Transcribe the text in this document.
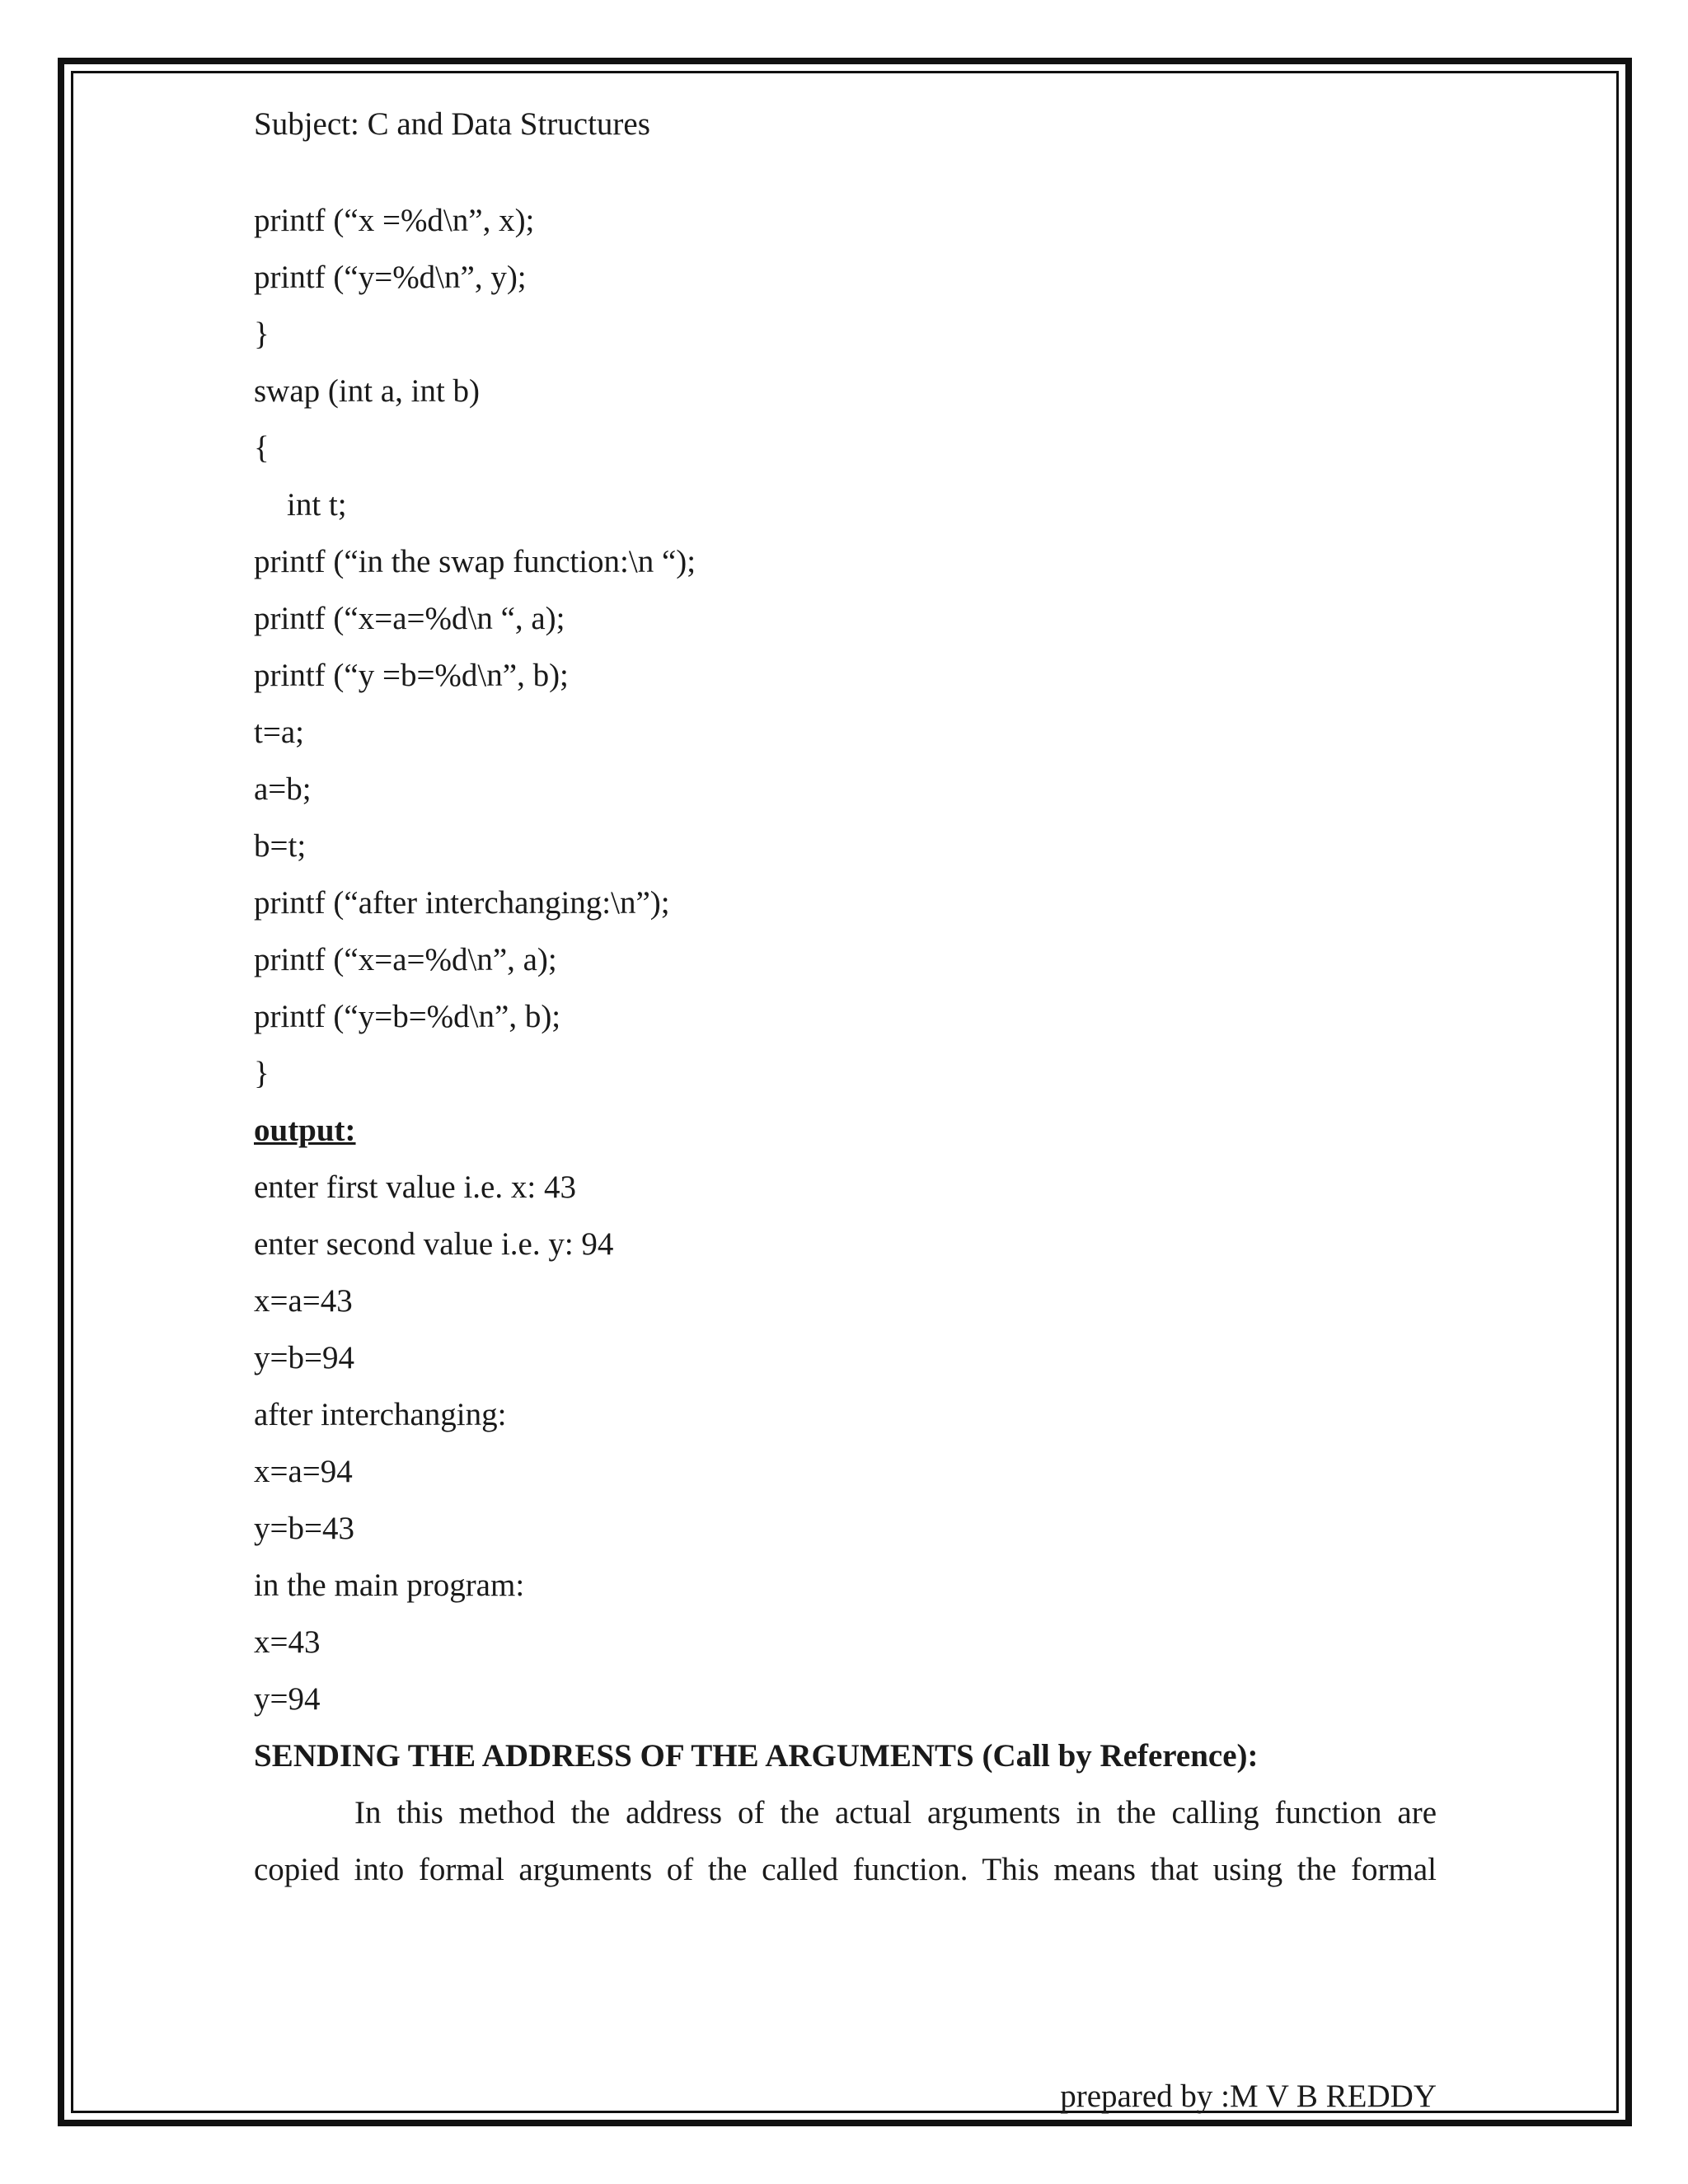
Subject: C and Data Structures

printf (“x =%d\n”, x);

printf (“y=%d\n”, y);

}

swap (int a, int b)

{

int t;

printf (“in the swap function:\n “);

printf (“x=a=%d\n “, a);

printf (“y =b=%d\n”, b);

t=a;

a=b;

b=t;

printf (“after interchanging:\n”);

printf (“x=a=%d\n”, a);

printf (“y=b=%d\n”, b);

}

output:

enter first value i.e. x: 43

enter second value i.e. y: 94

x=a=43

y=b=94

after interchanging:

x=a=94

y=b=43

in the main program:

x=43

y=94

SENDING THE ADDRESS OF THE ARGUMENTS (Call by Reference):

In this method the address of the actual arguments in the calling function are

copied into formal arguments of the called function. This means that using the formal

prepared by :M V B REDDY
